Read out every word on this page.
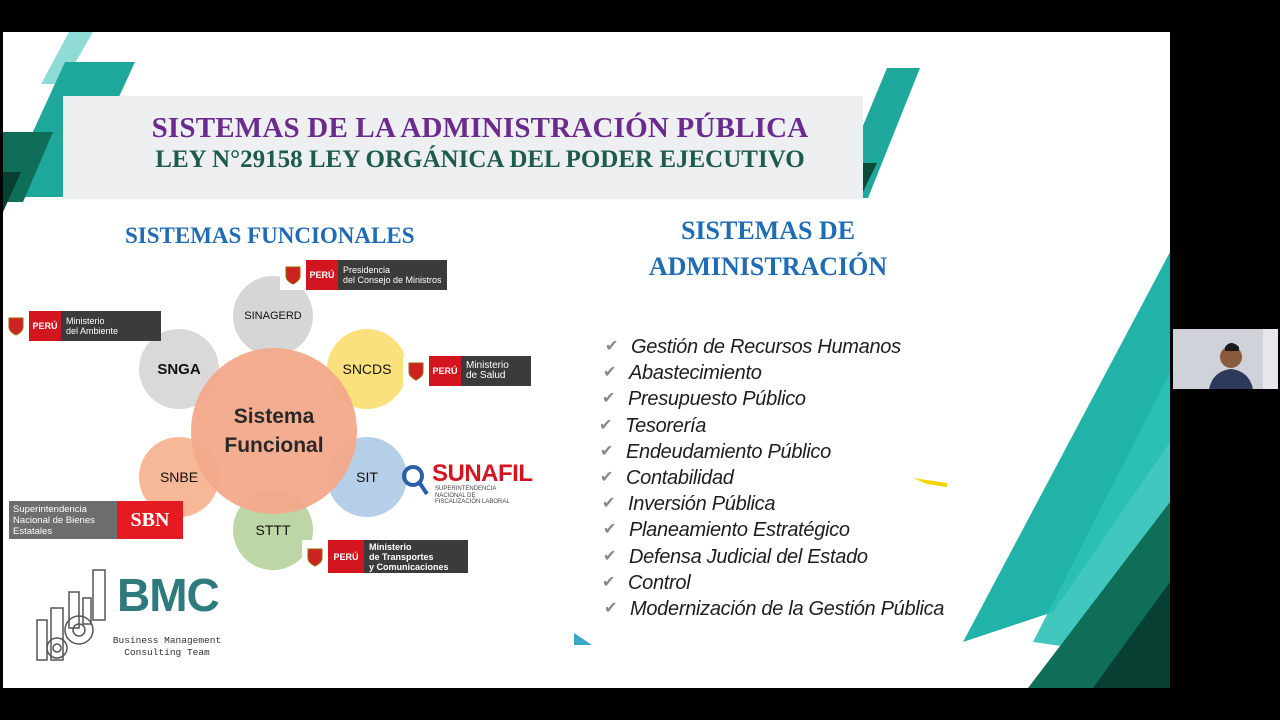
SISTEMAS DE LA ADMINISTRACIÓN PÚBLICA
LEY N°29158 LEY ORGÁNICA DEL PODER EJECUTIVO
SISTEMAS FUNCIONALES
SINAGERD
SNCDS
SIT
STTT
SNBE
SNGA
Sistema
Funcional
PERÚ Presidencia
del Consejo de Ministros
PERÚ Ministerio
del Ambiente
PERÚ Ministerio
de Salud
SUNAFIL
SUPERINTENDENCIA
NACIONAL DE
FISCALIZACIÓN LABORAL
Superintendencia
Nacional de Bienes
Estatales
SBN
PERÚ
Ministerio
de Transportes
y Comunicaciones
BMC
Business Management
Consulting Team
SISTEMAS DE
ADMINISTRACIÓN
✔ Gestión de Recursos Humanos
✔ Abastecimiento
✔ Presupuesto Público
✔ Tesorería
✔ Endeudamiento Público
✔ Contabilidad
✔ Inversión Pública
✔ Planeamiento Estratégico
✔ Defensa Judicial del Estado
✔ Control
✔ Modernización de la Gestión Pública
